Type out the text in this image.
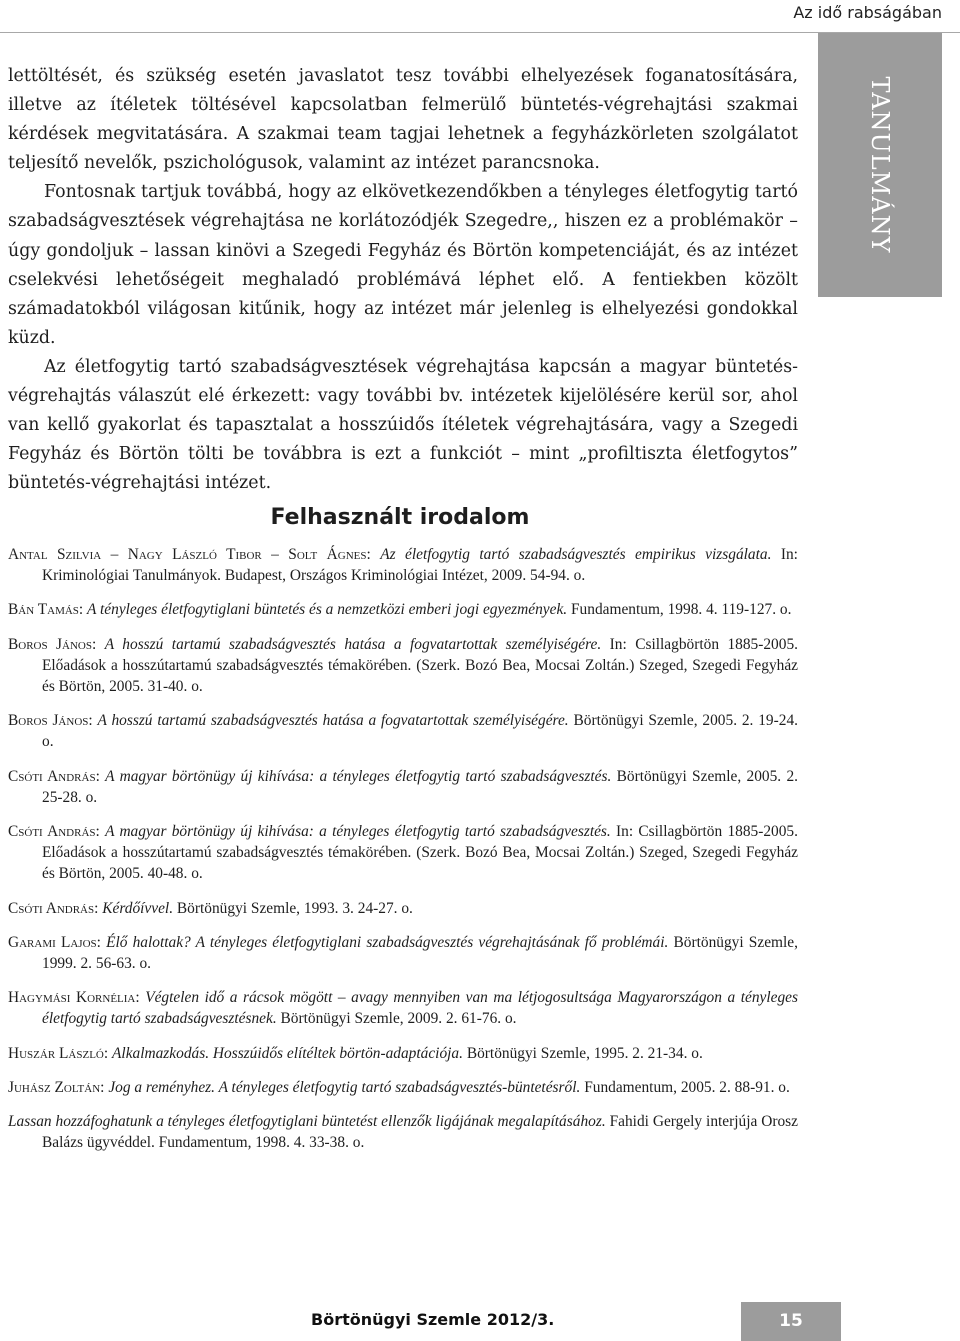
Az idő rabságában
TANULMÁNY

lettöltését, és szükség esetén javaslatot tesz további elhelyezések foganatosítására, illetve az ítéletek töltésével kapcsolatban felmerülő büntetés-végrehajtási szakmai kérdések megvitatására. A szakmai team tagjai lehetnek a fegyházkörleten szolgálatot teljesítő nevelők, pszichológusok, valamint az intézet parancsnoka.

Fontosnak tartjuk továbbá, hogy az elkövetkezendőkben a tényleges életfogytig tartó szabadságvesztések végrehajtása ne korlátozódjék Szegedre,, hiszen ez a problémakör – úgy gondoljuk – lassan kinövi a Szegedi Fegyház és Börtön kompetenciáját, és az intézet cselekvési lehetőségeit meghaladó problémává léphet elő. A fentiekben közölt számadatokból világosan kitűnik, hogy az intézet már jelenleg is elhelyezési gondokkal küzd.

Az életfogytig tartó szabadságvesztések végrehajtása kapcsán a magyar büntetés-végrehajtás válaszút elé érkezett: vagy további bv. intézetek kijelölésére kerül sor, ahol van kellő gyakorlat és tapasztalat a hosszúidős ítéletek végrehajtására, vagy a Szegedi Fegyház és Börtön tölti be továbbra is ezt a funkciót – mint „profiltiszta életfogytos” büntetés-végrehajtási intézet.

Felhasznált irodalom
Antal Szilvia – Nagy László Tibor – Solt Ágnes: Az életfogytig tartó szabadságvesztés empirikus vizsgálata. In: Kriminológiai Tanulmányok. Budapest, Országos Kriminológiai Intézet, 2009. 54-94. o.
Bán Tamás: A tényleges életfogytiglani büntetés és a nemzetközi emberi jogi egyezmények. Fundamentum, 1998. 4. 119-127. o.
Boros János: A hosszú tartamú szabadságvesztés hatása a fogvatartottak személyiségére. In: Csillagbörtön 1885-2005. Előadások a hosszútartamú szabadságvesztés témakörében. (Szerk. Bozó Bea, Mocsai Zoltán.) Szeged, Szegedi Fegyház és Börtön, 2005. 31-40. o.
Boros János: A hosszú tartamú szabadságvesztés hatása a fogvatartottak személyiségére. Börtönügyi Szemle, 2005. 2. 19-24. o.
Csóti András: A magyar börtönügy új kihívása: a tényleges életfogytig tartó szabadságvesztés. Börtönügyi Szemle, 2005. 2. 25-28. o.
Csóti András: A magyar börtönügy új kihívása: a tényleges életfogytig tartó szabadságvesztés. In: Csillagbörtön 1885-2005. Előadások a hosszútartamú szabadságvesztés témakörében. (Szerk. Bozó Bea, Mocsai Zoltán.) Szeged, Szegedi Fegyház és Börtön, 2005. 40-48. o.
Csóti András: Kérdőívvel. Börtönügyi Szemle, 1993. 3. 24-27. o.
Garami Lajos: Élő halottak? A tényleges életfogytiglani szabadságvesztés végrehajtásának fő problémái. Börtönügyi Szemle, 1999. 2. 56-63. o.
Hagymási Kornélia: Végtelen idő a rácsok mögött – avagy mennyiben van ma létjogosultsága Magyarországon a tényleges életfogytig tartó szabadságvesztésnek. Börtönügyi Szemle, 2009. 2. 61-76. o.
Huszár László: Alkalmazkodás. Hosszúidős elítéltek börtön-adaptációja. Börtönügyi Szemle, 1995. 2. 21-34. o.
Juhász Zoltán: Jog a reményhez. A tényleges életfogytig tartó szabadságvesztés-büntetésről. Fundamentum, 2005. 2. 88-91. o.
Lassan hozzáfoghatunk a tényleges életfogytiglani büntetést ellenzők ligájának megalapításához. Fahidi Gergely interjúja Orosz Balázs ügyvéddel. Fundamentum, 1998. 4. 33-38. o.
Börtönügyi Szemle 2012/3.	15
